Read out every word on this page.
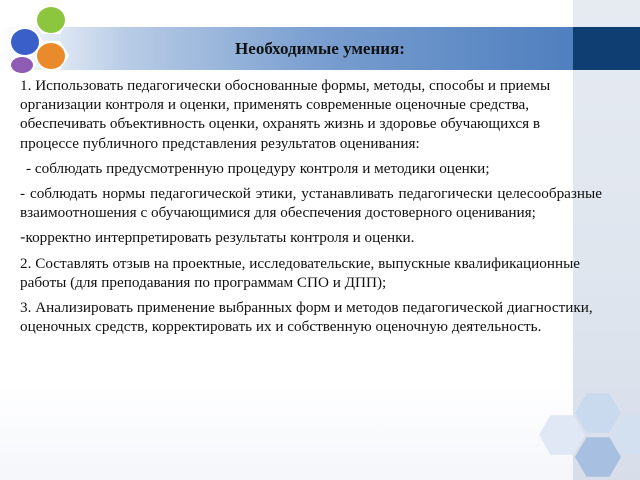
Необходимые умения:

1. Использовать педагогически обоснованные формы, методы, способы и приемы организации контроля и оценки, применять современные оценочные средства, обеспечивать объективность оценки, охранять жизнь и здоровье обучающихся в процессе публичного представления результатов оценивания:

- соблюдать предусмотренную процедуру контроля и методики оценки;

- соблюдать нормы педагогической этики, устанавливать педагогически целесообразные взаимоотношения с обучающимися для обеспечения достоверного оценивания;

-корректно интерпретировать результаты контроля и оценки.

2. Составлять отзыв на проектные, исследовательские, выпускные квалификационные работы (для преподавания по программам СПО и ДПП);

3. Анализировать применение выбранных форм и методов педагогической диагностики, оценочных средств, корректировать их и собственную оценочную деятельность.
